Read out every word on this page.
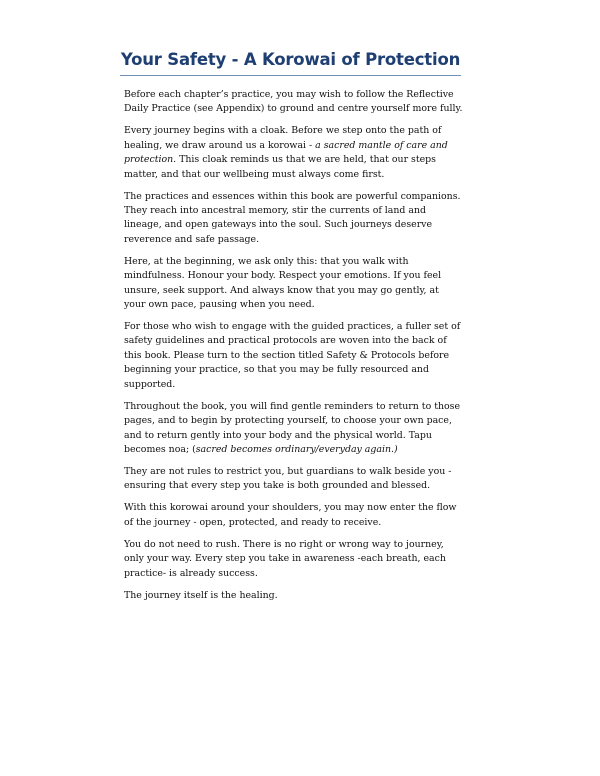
Your Safety - A Korowai of Protection

Before each chapter’s practice, you may wish to follow the Reflective Daily Practice (see Appendix) to ground and centre yourself more fully.

Every journey begins with a cloak. Before we step onto the path of healing, we draw around us a korowai - a sacred mantle of care and protection. This cloak reminds us that we are held, that our steps matter, and that our wellbeing must always come first.

The practices and essences within this book are powerful companions. They reach into ancestral memory, stir the currents of land and lineage, and open gateways into the soul. Such journeys deserve reverence and safe passage.

Here, at the beginning, we ask only this: that you walk with mindfulness. Honour your body. Respect your emotions. If you feel unsure, seek support. And always know that you may go gently, at your own pace, pausing when you need.

For those who wish to engage with the guided practices, a fuller set of safety guidelines and practical protocols are woven into the back of this book. Please turn to the section titled Safety & Protocols before beginning your practice, so that you may be fully resourced and supported.

Throughout the book, you will find gentle reminders to return to those pages, and to begin by protecting yourself, to choose your own pace, and to return gently into your body and the physical world. Tapu becomes noa; (sacred becomes ordinary/everyday again.)

They are not rules to restrict you, but guardians to walk beside you - ensuring that every step you take is both grounded and blessed.

With this korowai around your shoulders, you may now enter the flow of the journey - open, protected, and ready to receive.

You do not need to rush. There is no right or wrong way to journey, only your way. Every step you take in awareness -each breath, each practice- is already success.

The journey itself is the healing.
